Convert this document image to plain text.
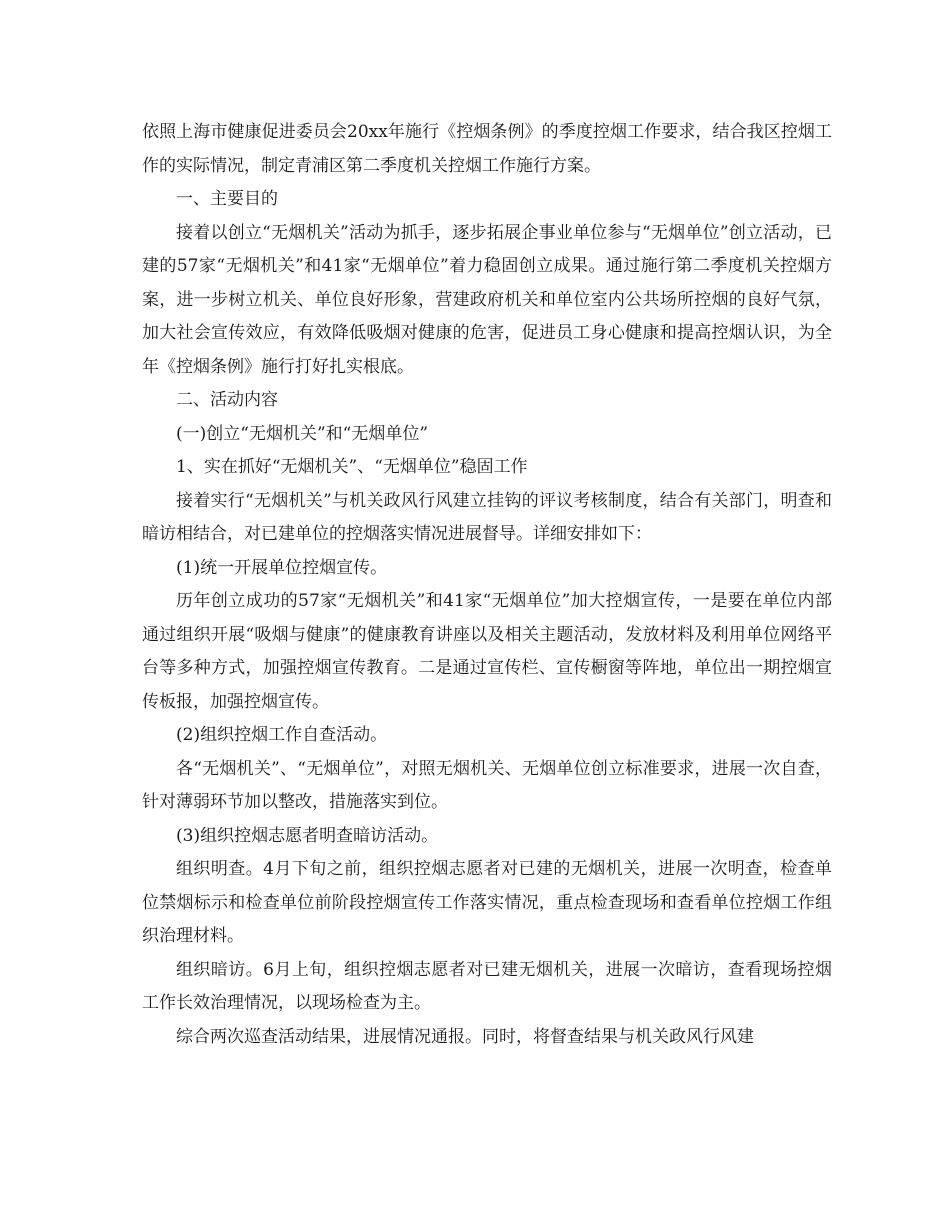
依照上海市健康促进委员会20xx年施行《控烟条例》的季度控烟工作要求，结合我区控烟工作的实际情况，制定青浦区第二季度机关控烟工作施行方案。

一、主要目的

接着以创立“无烟机关”活动为抓手，逐步拓展企事业单位参与“无烟单位”创立活动，已建的57家“无烟机关”和41家“无烟单位”着力稳固创立成果。通过施行第二季度机关控烟方案，进一步树立机关、单位良好形象，营建政府机关和单位室内公共场所控烟的良好气氛，加大社会宣传效应，有效降低吸烟对健康的危害，促进员工身心健康和提高控烟认识，为全年《控烟条例》施行打好扎实根底。

二、活动内容

(一)创立“无烟机关”和“无烟单位”

1、实在抓好“无烟机关”、“无烟单位”稳固工作

接着实行“无烟机关”与机关政风行风建立挂钩的评议考核制度，结合有关部门，明查和暗访相结合，对已建单位的控烟落实情况进展督导。详细安排如下：

(1)统一开展单位控烟宣传。

历年创立成功的57家“无烟机关”和41家“无烟单位”加大控烟宣传，一是要在单位内部通过组织开展“吸烟与健康”的健康教育讲座以及相关主题活动，发放材料及利用单位网络平台等多种方式，加强控烟宣传教育。二是通过宣传栏、宣传橱窗等阵地，单位出一期控烟宣传板报，加强控烟宣传。

(2)组织控烟工作自查活动。

各“无烟机关”、“无烟单位”，对照无烟机关、无烟单位创立标准要求，进展一次自查，针对薄弱环节加以整改，措施落实到位。

(3)组织控烟志愿者明查暗访活动。

组织明查。4月下旬之前，组织控烟志愿者对已建的无烟机关，进展一次明查，检查单位禁烟标示和检查单位前阶段控烟宣传工作落实情况，重点检查现场和查看单位控烟工作组织治理材料。

组织暗访。6月上旬，组织控烟志愿者对已建无烟机关，进展一次暗访，查看现场控烟工作长效治理情况，以现场检查为主。

综合两次巡查活动结果，进展情况通报。同时，将督查结果与机关政风行风建
